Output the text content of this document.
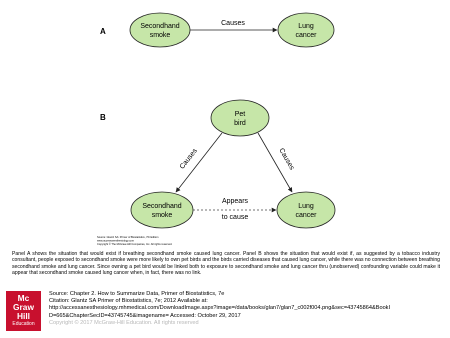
A
Secondhand
smoke
Lung
cancer
Causes
B	Pet
bird
Secondhand
smoke
Lung
cancer
Causes	Causes
Appears
to cause
Source: Glantz SA: Primer of Biostatistics, 7th Edition
www.accessanesthesiology.com
Copyright © The McGraw-Hill Companies, Inc. All rights reserved.
Panel A shows the situation that would exist if breathing secondhand smoke caused lung cancer. Panel B shows the situation that would exist if, as suggested by a tobacco industry consultant, people exposed to secondhand smoke were more likely to own pet birds and the birds carried diseases that caused lung cancer, while there was no connection between breathing secondhand smoke and lung cancer. Since owning a pet bird would be linked both to exposure to secondhand smoke and lung cancer thru (unobserved) confounding variable could make it appear that secondhand smoke caused lung cancer when, in fact, there was no link.
Mc
Graw
Hill
Education
Source: Chapter 2. How to Summarize Data, Primer of Biostatistics, 7e
Citation: Glantz SA Primer of Biostatistics, 7e; 2012 Available at:
http://accessanesthesiology.mhmedical.com/DownloadImage.aspx?image=/data/books/glan7/glan7_c002f004.png&sec=43745864&BookI
D=665&ChapterSecID=43745745&imagename= Accessed: October 29, 2017
Copyright © 2017 McGraw-Hill Education. All rights reserved
